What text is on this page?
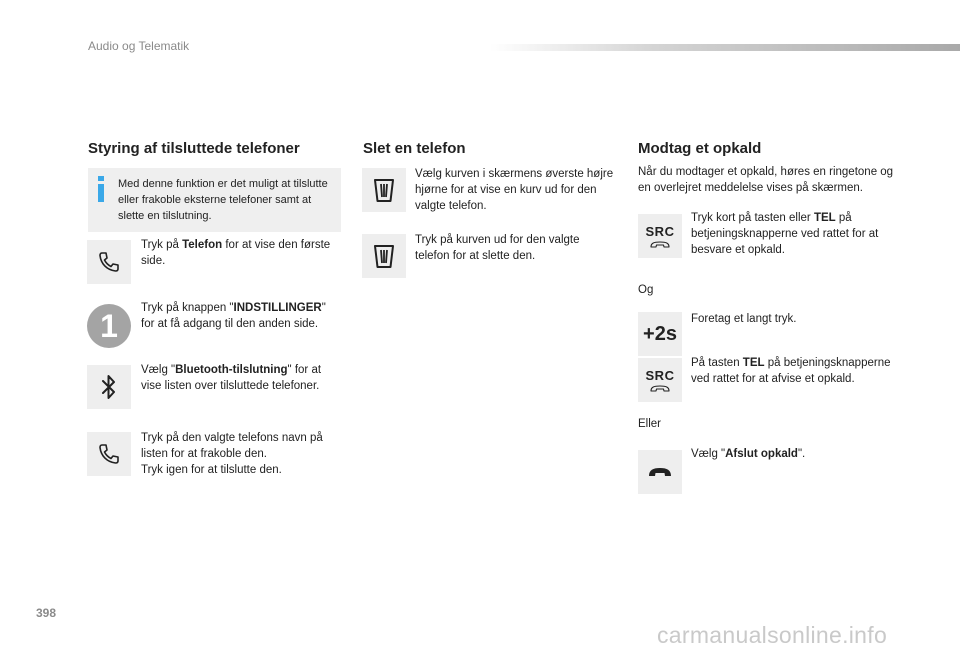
Audio og Telematik
Styring af tilsluttede telefoner
Med denne funktion er det muligt at tilslutte eller frakoble eksterne telefoner samt at slette en tilslutning.
Tryk på Telefon for at vise den første side.
1 Tryk på knappen "INDSTILLINGER" for at få adgang til den anden side.
Vælg "Bluetooth-tilslutning" for at vise listen over tilsluttede telefoner.
Tryk på den valgte telefons navn på listen for at frakoble den.
Tryk igen for at tilslutte den.
Slet en telefon
Vælg kurven i skærmens øverste højre hjørne for at vise en kurv ud for den valgte telefon.
Tryk på kurven ud for den valgte telefon for at slette den.
Modtag et opkald
Når du modtager et opkald, høres en ringetone og en overlejret meddelelse vises på skærmen.
SRC
Tryk kort på tasten eller TEL på betjeningsknapperne ved rattet for at besvare et opkald.
Og
+2s
Foretag et langt tryk.
SRC
På tasten TEL på betjeningsknapperne ved rattet for at afvise et opkald.
Eller
Vælg "Afslut opkald".
398
carmanualsonline.info
